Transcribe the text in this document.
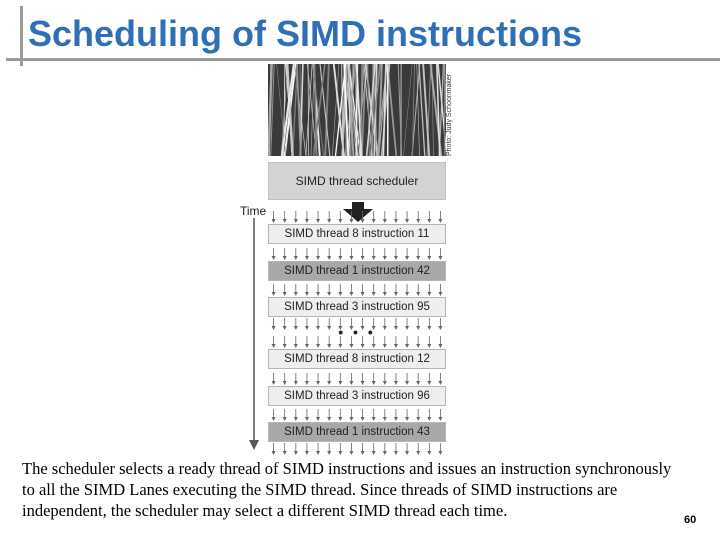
Scheduling of SIMD instructions
Photo: Judy Schoonmaker
SIMD thread scheduler
Time
SIMD thread 8 instruction 11
SIMD thread 1 instruction 42
SIMD thread 3 instruction 95
SIMD thread 8 instruction 12
SIMD thread 3 instruction 96
SIMD thread 1 instruction 43
• • •

The scheduler selects a ready thread of SIMD instructions and issues an instruction synchronously to all the SIMD Lanes executing the SIMD thread. Since threads of SIMD instructions are independent, the scheduler may select a different SIMD thread each time.	60
